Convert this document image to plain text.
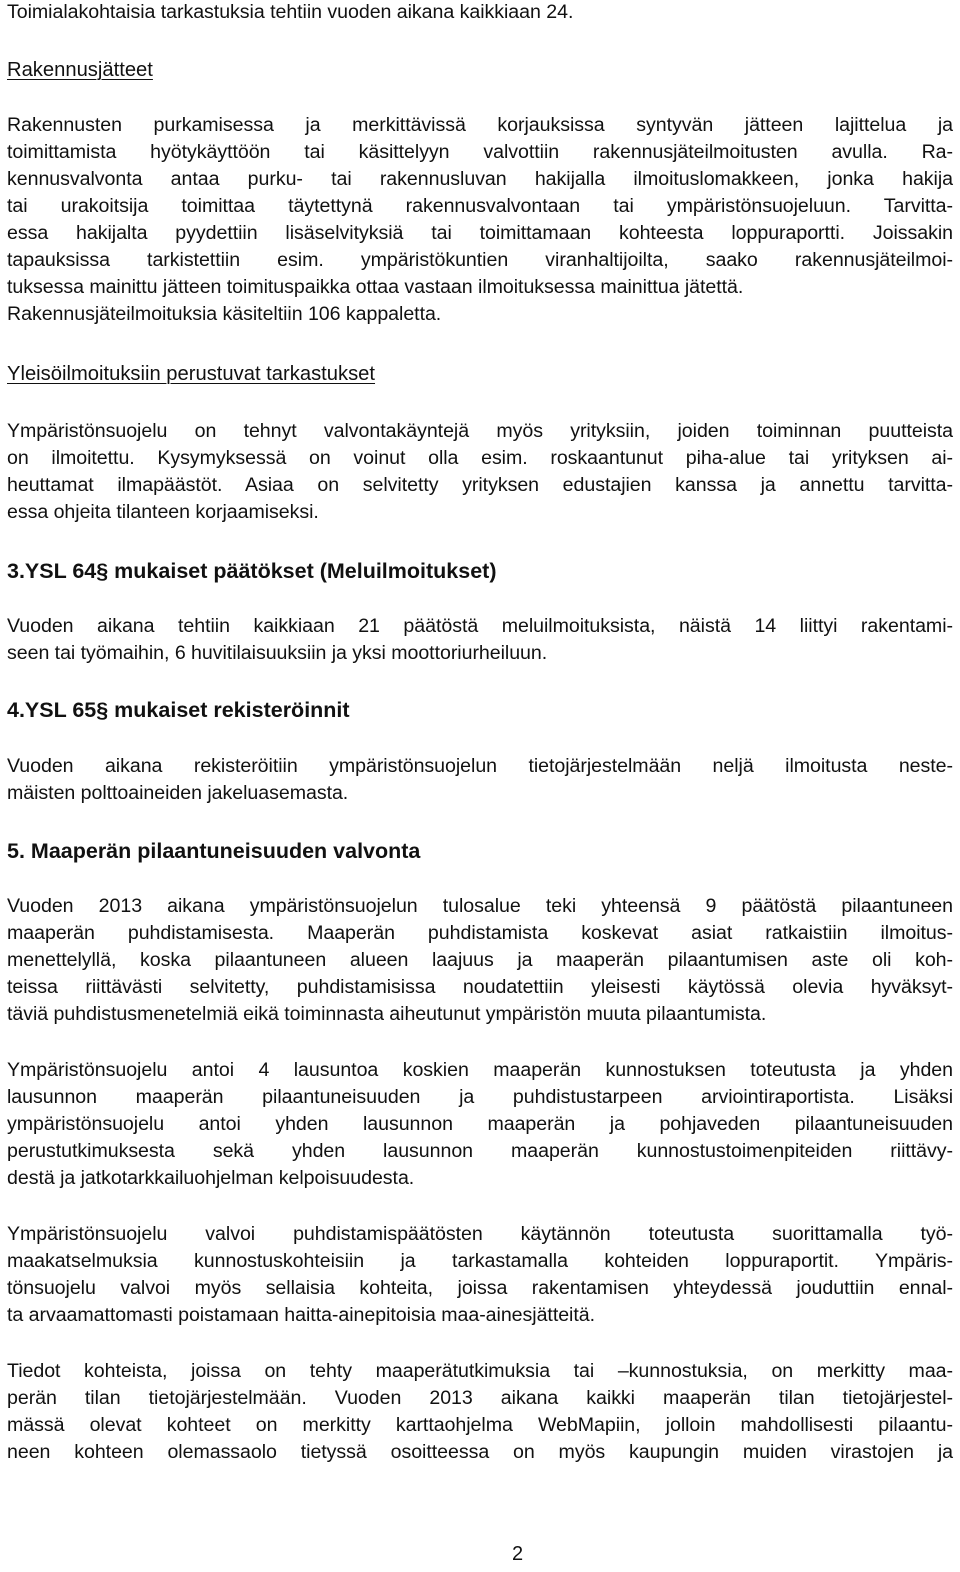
Toimialakohtaisia tarkastuksia tehtiin vuoden aikana kaikkiaan 24.
Rakennusjätteet
Rakennusten purkamisessa ja merkittävissä korjauksissa syntyvän jätteen lajittelua ja
toimittamista hyötykäyttöön tai käsittelyyn valvottiin rakennusjäteilmoitusten avulla. Ra-
kennusvalvonta antaa purku- tai rakennusluvan hakijalla ilmoituslomakkeen, jonka hakija
tai urakoitsija toimittaa täytettynä rakennusvalvontaan tai ympäristönsuojeluun. Tarvitta-
essa hakijalta pyydettiin lisäselvityksiä tai toimittamaan kohteesta loppuraportti. Joissakin
tapauksissa tarkistettiin esim. ympäristökuntien viranhaltijoilta, saako rakennusjäteilmoi-
tuksessa mainittu jätteen toimituspaikka ottaa vastaan ilmoituksessa mainittua jätettä.
Rakennusjäteilmoituksia käsiteltiin 106 kappaletta.
Yleisöilmoituksiin perustuvat tarkastukset
Ympäristönsuojelu on tehnyt valvontakäyntejä myös yrityksiin, joiden toiminnan puutteista
on ilmoitettu. Kysymyksessä on voinut olla esim. roskaantunut piha-alue tai yrityksen ai-
heuttamat ilmapäästöt. Asiaa on selvitetty yrityksen edustajien kanssa ja annettu tarvitta-
essa ohjeita tilanteen korjaamiseksi.
3.YSL 64§ mukaiset päätökset (Meluilmoitukset)
Vuoden aikana tehtiin kaikkiaan 21 päätöstä meluilmoituksista, näistä 14 liittyi rakentami-
seen tai työmaihin, 6 huvitilaisuuksiin ja yksi moottoriurheiluun.
4.YSL 65§ mukaiset rekisteröinnit
Vuoden aikana rekisteröitiin ympäristönsuojelun tietojärjestelmään neljä ilmoitusta neste-
mäisten polttoaineiden jakeluasemasta.
5. Maaperän pilaantuneisuuden valvonta
Vuoden 2013 aikana ympäristönsuojelun tulosalue teki yhteensä 9 päätöstä pilaantuneen
maaperän puhdistamisesta. Maaperän puhdistamista koskevat asiat ratkaistiin ilmoitus-
menettelyllä, koska pilaantuneen alueen laajuus ja maaperän pilaantumisen aste oli koh-
teissa riittävästi selvitetty, puhdistamisissa noudatettiin yleisesti käytössä olevia hyväksyt-
täviä puhdistusmenetelmiä eikä toiminnasta aiheutunut ympäristön muuta pilaantumista.
Ympäristönsuojelu antoi 4 lausuntoa koskien maaperän kunnostuksen toteutusta ja yhden
lausunnon maaperän pilaantuneisuuden ja puhdistustarpeen arviointiraportista. Lisäksi
ympäristönsuojelu antoi yhden lausunnon maaperän ja pohjaveden pilaantuneisuuden
perustutkimuksesta sekä yhden lausunnon maaperän kunnostustoimenpiteiden riittävy-
destä ja jatkotarkkailuohjelman kelpoisuudesta.
Ympäristönsuojelu valvoi puhdistamispäätösten käytännön toteutusta suorittamalla työ-
maakatselmuksia kunnostuskohteisiin ja tarkastamalla kohteiden loppuraportit. Ympäris-
tönsuojelu valvoi myös sellaisia kohteita, joissa rakentamisen yhteydessä jouduttiin ennal-
ta arvaamattomasti poistamaan haitta-ainepitoisia maa-ainesjätteitä.
Tiedot kohteista, joissa on tehty maaperätutkimuksia tai –kunnostuksia, on merkitty maa-
perän tilan tietojärjestelmään. Vuoden 2013 aikana kaikki maaperän tilan tietojärjestel-
mässä olevat kohteet on merkitty karttaohjelma WebMapiin, jolloin mahdollisesti pilaantu-
neen kohteen olemassaolo tietyssä osoitteessa on myös kaupungin muiden virastojen ja
2
